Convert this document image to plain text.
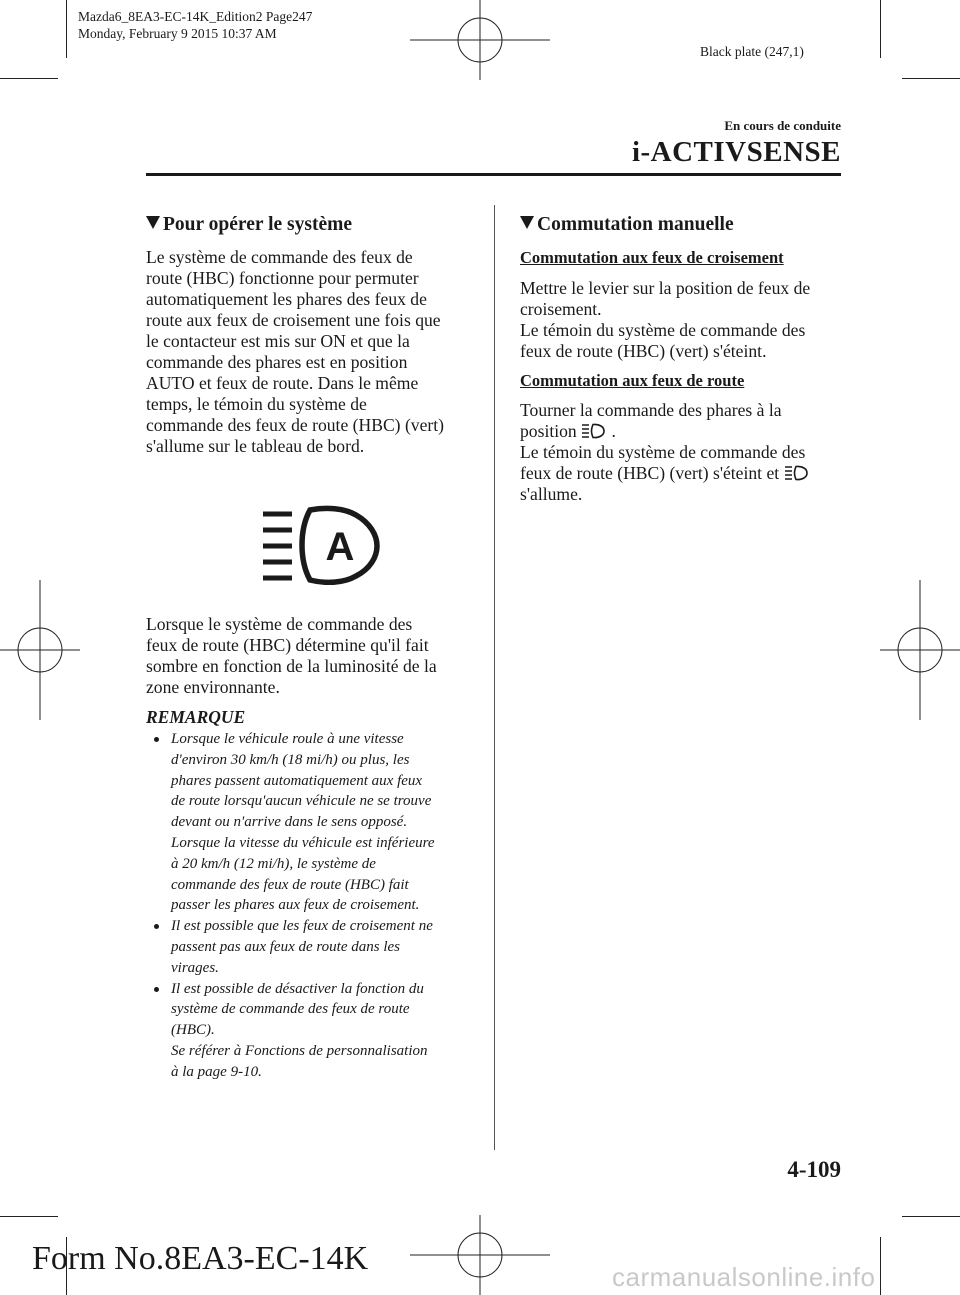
Mazda6_8EA3-EC-14K_Edition2 Page247
Monday, February 9 2015 10:37 AM
Black plate (247,1)
En cours de conduite
i-ACTIVSENSE
Pour opérer le système

Le système de commande des feux de

route (HBC) fonctionne pour permuter

automatiquement les phares des feux de

route aux feux de croisement une fois que

le contacteur est mis sur ON et que la

commande des phares est en position

AUTO et feux de route. Dans le même

temps, le témoin du système de

commande des feux de route (HBC) (vert)

s'allume sur le tableau de bord.

A

Lorsque le système de commande des

feux de route (HBC) détermine qu'il fait

sombre en fonction de la luminosité de la

zone environnante.

REMARQUE
Lorsque le véhicule roule à une vitesse
d'environ 30 km/h (18 mi/h) ou plus, les
phares passent automatiquement aux feux
de route lorsqu'aucun véhicule ne se trouve
devant ou n'arrive dans le sens opposé.
Lorsque la vitesse du véhicule est inférieure
à 20 km/h (12 mi/h), le système de
commande des feux de route (HBC) fait
passer les phares aux feux de croisement.
Il est possible que les feux de croisement ne
passent pas aux feux de route dans les
virages.
Il est possible de désactiver la fonction du
système de commande des feux de route
(HBC).
Se référer à Fonctions de personnalisation
à la page 9-10.
Commutation manuelle
Commutation aux feux de croisement

Mettre le levier sur la position de feux de

croisement.

Le témoin du système de commande des

feux de route (HBC) (vert) s'éteint.

Commutation aux feux de route

Tourner la commande des phares à la

position .

Le témoin du système de commande des

feux de route (HBC) (vert) s'éteint et

s'allume.

4-109
Form No.8EA3-EC-14K	carmanualsonline.info
